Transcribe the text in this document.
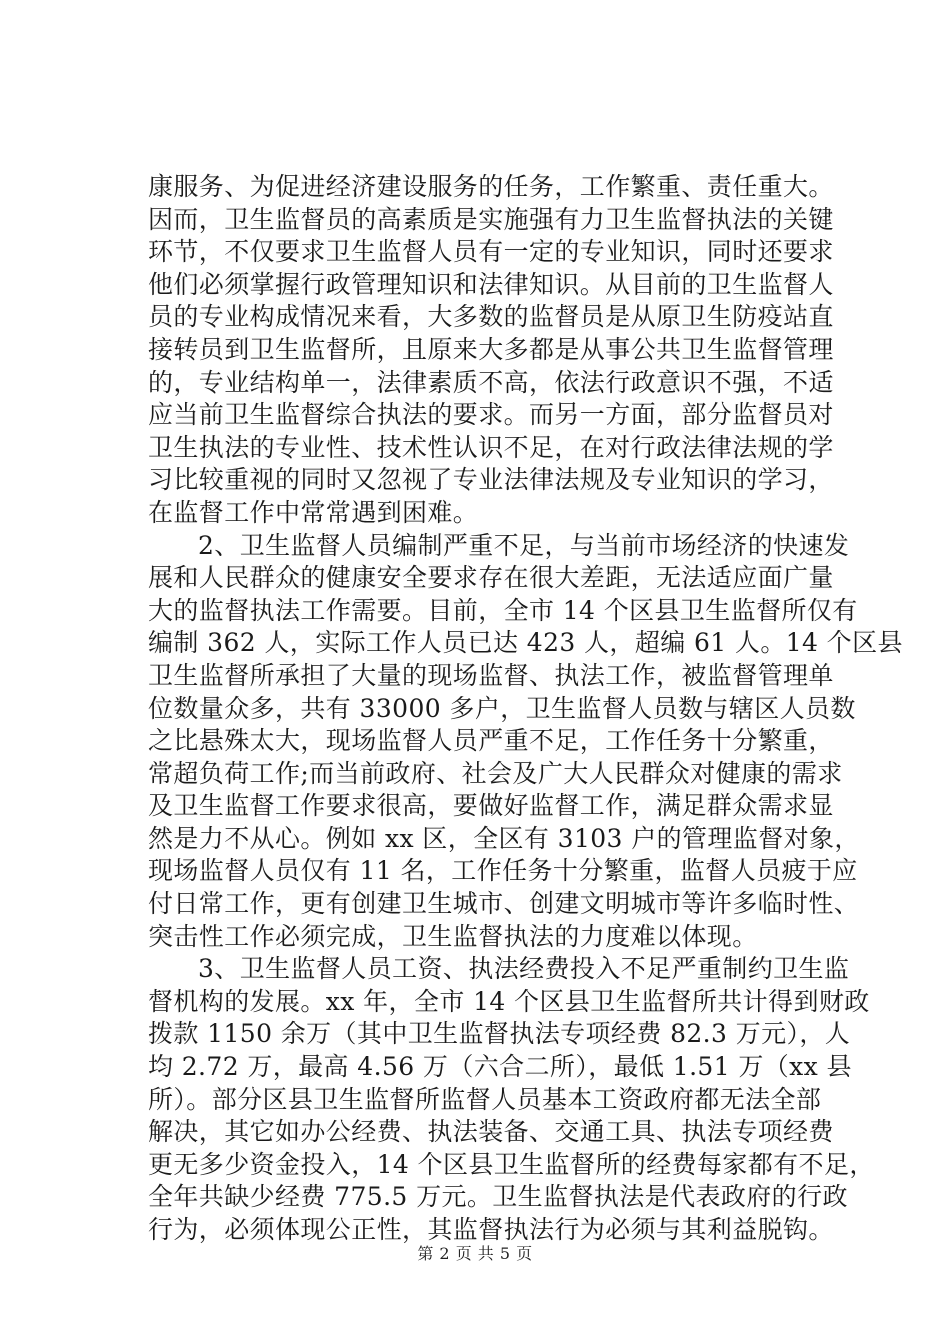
康服务、为促进经济建设服务的任务，工作繁重、责任重大。
因而，卫生监督员的高素质是实施强有力卫生监督执法的关键
环节，不仅要求卫生监督人员有一定的专业知识，同时还要求
他们必须掌握行政管理知识和法律知识。从目前的卫生监督人
员的专业构成情况来看，大多数的监督员是从原卫生防疫站直
接转员到卫生监督所，且原来大多都是从事公共卫生监督管理
的，专业结构单一，法律素质不高，依法行政意识不强，不适
应当前卫生监督综合执法的要求。而另一方面，部分监督员对
卫生执法的专业性、技术性认识不足，在对行政法律法规的学
习比较重视的同时又忽视了专业法律法规及专业知识的学习，
在监督工作中常常遇到困难。
2、卫生监督人员编制严重不足，与当前市场经济的快速发
展和人民群众的健康安全要求存在很大差距，无法适应面广量
大的监督执法工作需要。目前，全市 14 个区县卫生监督所仅有
编制 362 人，实际工作人员已达 423 人，超编 61 人。14 个区县
卫生监督所承担了大量的现场监督、执法工作，被监督管理单
位数量众多，共有 33000 多户，卫生监督人员数与辖区人员数
之比悬殊太大，现场监督人员严重不足，工作任务十分繁重，
常超负荷工作;而当前政府、社会及广大人民群众对健康的需求
及卫生监督工作要求很高，要做好监督工作，满足群众需求显
然是力不从心。例如 xx 区，全区有 3103 户的管理监督对象，
现场监督人员仅有 11 名，工作任务十分繁重，监督人员疲于应
付日常工作，更有创建卫生城市、创建文明城市等许多临时性、
突击性工作必须完成，卫生监督执法的力度难以体现。
3、卫生监督人员工资、执法经费投入不足严重制约卫生监
督机构的发展。xx 年，全市 14 个区县卫生监督所共计得到财政
拨款 1150 余万（其中卫生监督执法专项经费 82.3 万元），人
均 2.72 万，最高 4.56 万（六合二所），最低 1.51 万（xx 县
所）。部分区县卫生监督所监督人员基本工资政府都无法全部
解决，其它如办公经费、执法装备、交通工具、执法专项经费
更无多少资金投入，14 个区县卫生监督所的经费每家都有不足，
全年共缺少经费 775.5 万元。卫生监督执法是代表政府的行政
行为，必须体现公正性，其监督执法行为必须与其利益脱钩。
第 2 页 共 5 页
